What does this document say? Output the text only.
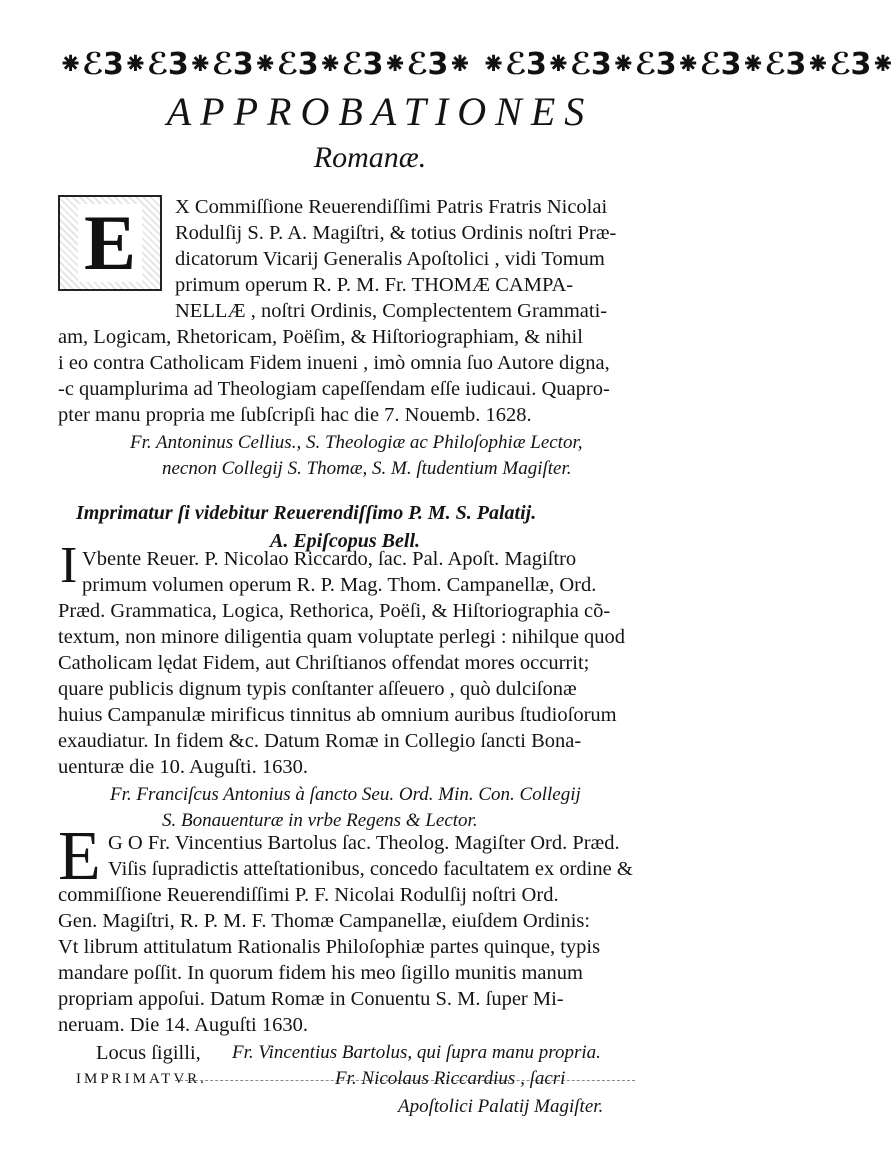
⁕ℰ3⁕ℰ3⁕ℰ3⁕ℰ3⁕ℰ3⁕ℰ3⁕ ⁕ℰ3⁕ℰ3⁕ℰ3⁕ℰ3⁕ℰ3⁕ℰ3⁕
APPROBATIONES
Romanæ.
E X Commiſſione Reuerendiſſimi Patris Fratris Nicolai
Rodulſij S. P. A. Magiſtri, & totius Ordinis noſtri Præ-
dicatorum Vicarij Generalis Apoſtolici , vidi Tomum
primum operum R. P. M. Fr. THOMÆ CAMPA-
NELLÆ , noſtri Ordinis, Complectentem Grammati-
am, Logicam, Rhetoricam, Poëſim, & Hiſtoriographiam, & nihil
i eo contra Catholicam Fidem inueni , imò omnia ſuo Autore digna,
-c quamplurima ad Theologiam capeſſendam eſſe iudicaui. Quapro-
pter manu propria me ſubſcripſi hac die 7. Nouemb. 1628.
Fr. Antoninus Cellius., S. Theologiæ ac Philoſophiæ Lector,
necnon Collegij S. Thomæ, S. M. ſtudentium Magiſter.
Imprimatur ſi videbitur Reuerendiſſimo P. M. S. Palatij.
A. Epiſcopus Bell.
I Vbente Reuer. P. Nicolao Riccardo, ſac. Pal. Apoſt. Magiſtro
primum volumen operum R. P. Mag. Thom. Campanellæ, Ord.
Præd. Grammatica, Logica, Rethorica, Poëſi, & Hiſtoriographia cõ-
textum, non minore diligentia quam voluptate perlegi : nihilque quod
Catholicam lędat Fidem, aut Chriſtianos offendat mores occurrit;
quare publicis dignum typis conſtanter aſſeuero , quò dulciſonæ
huius Campanulæ mirificus tinnitus ab omnium auribus ſtudioſorum
exaudiatur. In fidem &c. Datum Romæ in Collegio ſancti Bona-
uenturæ die 10. Auguſti. 1630.
Fr. Franciſcus Antonius à ſancto Seu. Ord. Min. Con. Collegij
S. Bonauenturæ in vrbe Regens & Lector.
E G O Fr. Vincentius Bartolus ſac. Theolog. Magiſter Ord. Præd.
Viſis ſupradictis atteſtationibus, concedo facultatem ex ordine &
commiſſione Reuerendiſſimi P. F. Nicolai Rodulſij noſtri Ord.
Gen. Magiſtri, R. P. M. F. Thomæ Campanellæ, eiuſdem Ordinis:
Vt librum attitulatum Rationalis Philoſophiæ partes quinque, typis
mandare poſſit. In quorum fidem his meo ſigillo munitis manum
propriam appoſui. Datum Romæ in Conuentu S. M. ſuper Mi-
neruam. Die 14. Auguſti 1630.
Locus ſigilli, Fr. Vincentius Bartolus, qui ſupra manu propria.
IMPRIMATVR.	Fr. Nicolaus Riccardius , ſacri
Apoſtolici Palatij Magiſter.
